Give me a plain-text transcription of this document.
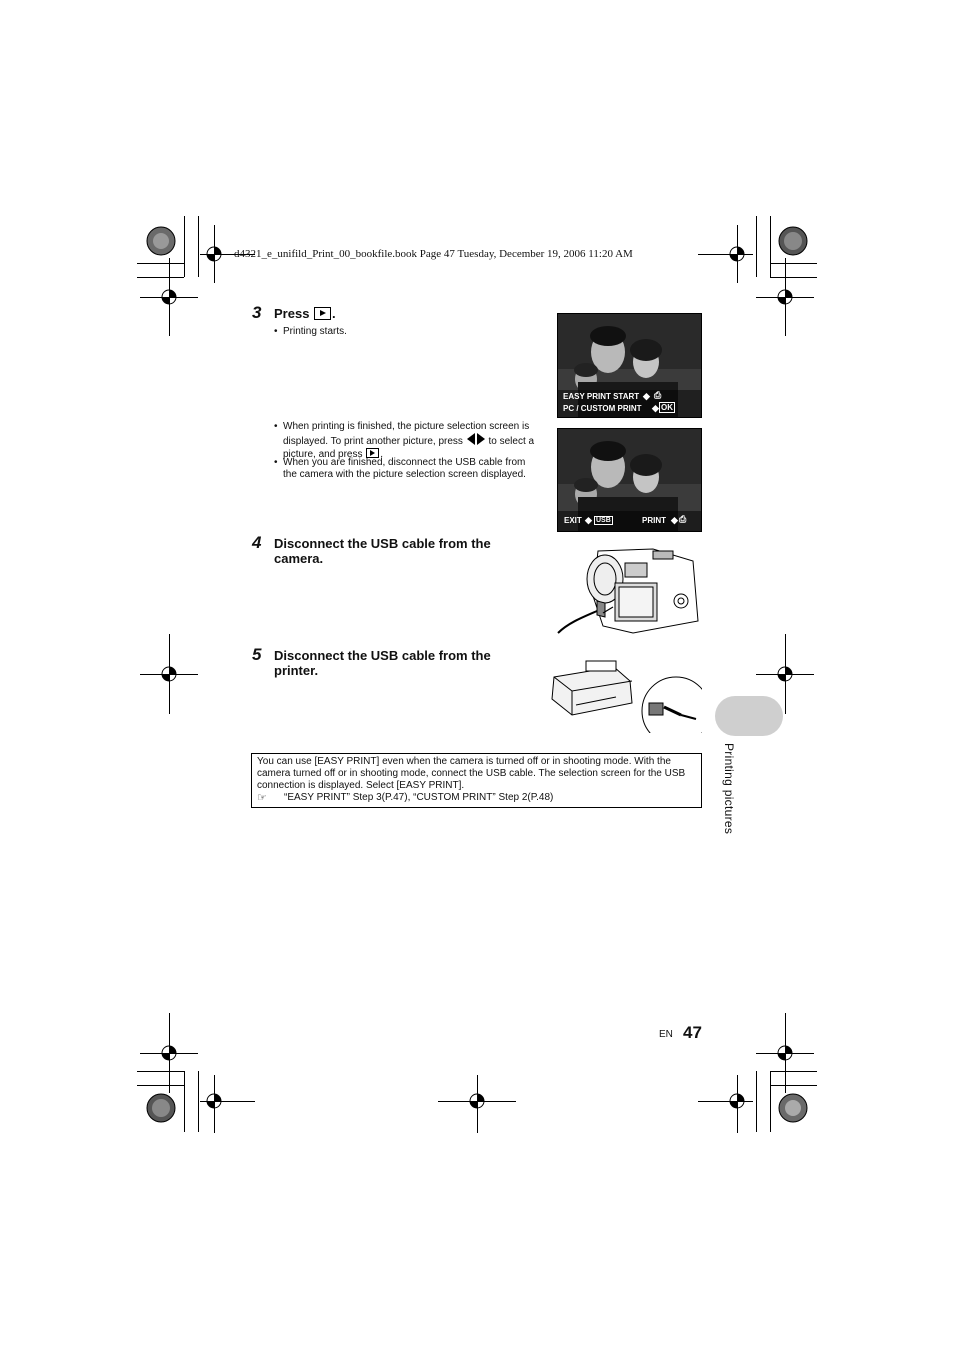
d4321_e_unifild_Print_00_bookfile.book Page 47 Tuesday, December 19, 2006 11:20 AM
3 Press .
• Printing starts.
• When printing is finished, the picture selection screen is displayed. To print another picture, press	to select a picture, and press .
• When you are finished, disconnect the USB cable from the camera with the picture selection screen displayed.
EASY PRINT START ◆ ⎙
PC / CUSTOM PRINT ◆ OK
EXIT ◆ USB	PRINT ◆ ⎙
4 Disconnect the USB cable from the camera.
5 Disconnect the USB cable from the printer.

You can use [EASY PRINT] even when the camera is turned off or in shooting mode. With the camera turned off or in shooting mode, connect the USB cable. The selection screen for the USB connection is displayed. Select [EASY PRINT].

☞ “EASY PRINT” Step 3(P.47), “CUSTOM PRINT” Step 2(P.48)	Printing pictures
EN 47
